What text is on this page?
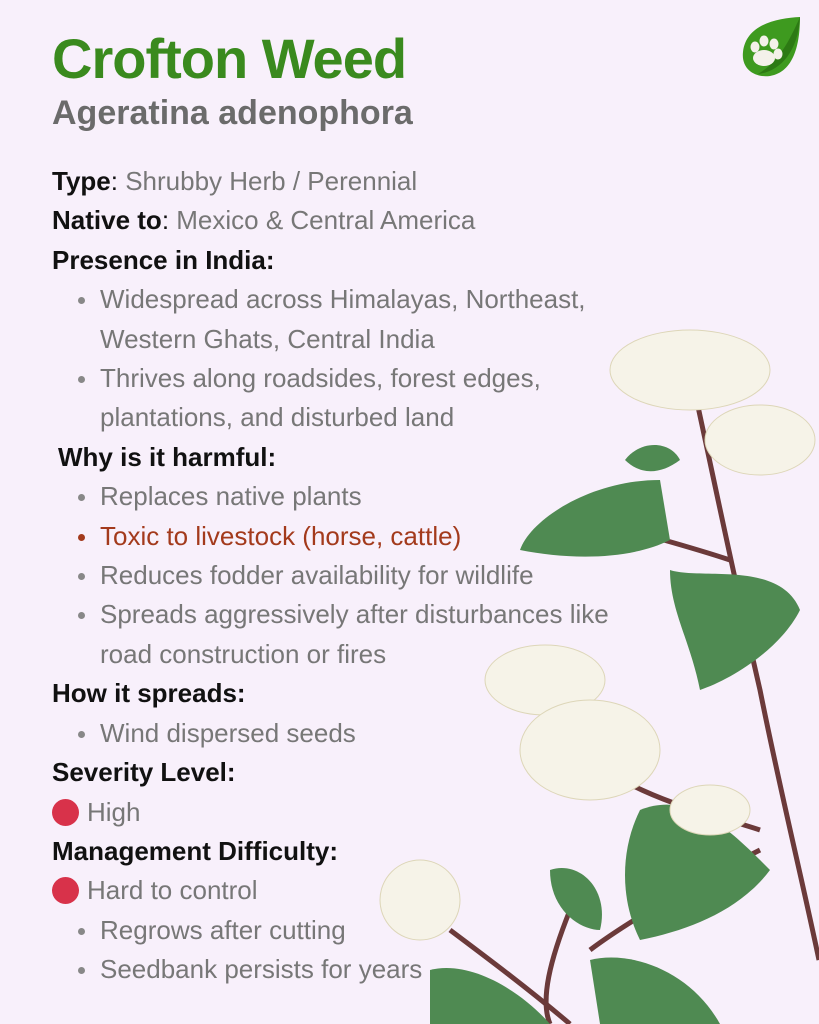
Crofton Weed
Ageratina adenophora
Type: Shrubby Herb / Perennial
Native to: Mexico & Central America
Presence in India:
Widespread across Himalayas, Northeast, Western Ghats, Central India
Thrives along roadsides, forest edges, plantations, and disturbed land
Why is it harmful:
Replaces native plants
Toxic to livestock (horse, cattle)
Reduces fodder availability for wildlife
Spreads aggressively after disturbances like road construction or fires
How it spreads:
Wind dispersed seeds
Severity Level:
High
Management Difficulty:
Hard to control
Regrows after cutting
Seedbank persists for years
